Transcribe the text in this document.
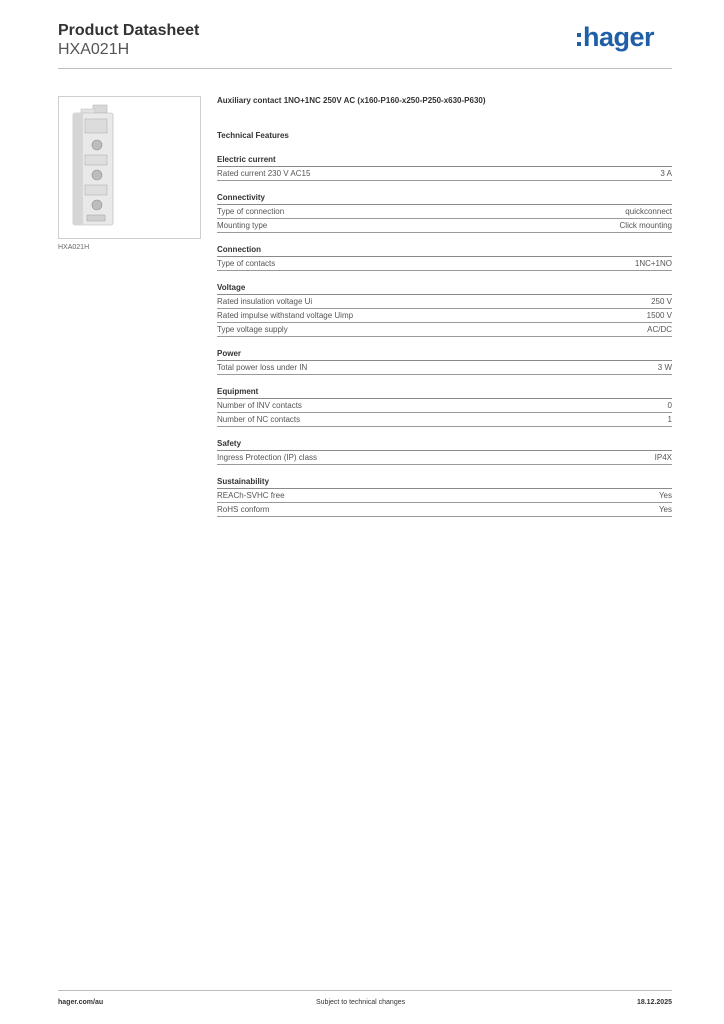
Product Datasheet
HXA021H	hager
HXA021H
Auxiliary contact 1NO+1NC 250V AC (x160-P160-x250-P250-x630-P630)
Technical Features
Electric current
Rated current 230 V AC15	3 A
Connectivity
Type of connection	quickconnect
Mounting type	Click mounting
Connection
Type of contacts	1NC+1NO
Voltage
Rated insulation voltage Ui	250 V
Rated impulse withstand voltage Uimp	1500 V
Type voltage supply	AC/DC
Power
Total power loss under IN	3 W
Equipment
Number of INV contacts	0
Number of NC contacts	1
Safety
Ingress Protection (IP) class	IP4X
Sustainability
REACh-SVHC free	Yes
RoHS conform	Yes
hager.com/au	Subject to technical changes	18.12.2025
